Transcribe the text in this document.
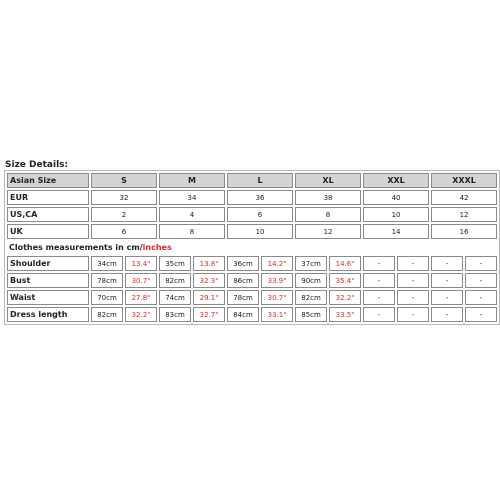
Size Details:
Asian Size	S		M		L		XL		XXL		XXXL	
EUR	32		34		36		38		40		42	
US,CA	2		4		6		8		10		12	
UK	6		8		10		12		14		16	
Clothes measurements in cm/inches												
Shoulder	34cm	13.4"	35cm	13.8"	36cm	14.2"	37cm	14.6"	-	-	-	-
Bust	78cm	30.7"	82cm	32.3"	86cm	33.9"	90cm	35.4"	-	-	-	-
Waist	70cm	27.8"	74cm	29.1"	78cm	30.7"	82cm	32.2"	-	-	-	-
Dress length	82cm	32.2"	83cm	32.7"	84cm	33.1"	85cm	33.5"	-	-	-	-
